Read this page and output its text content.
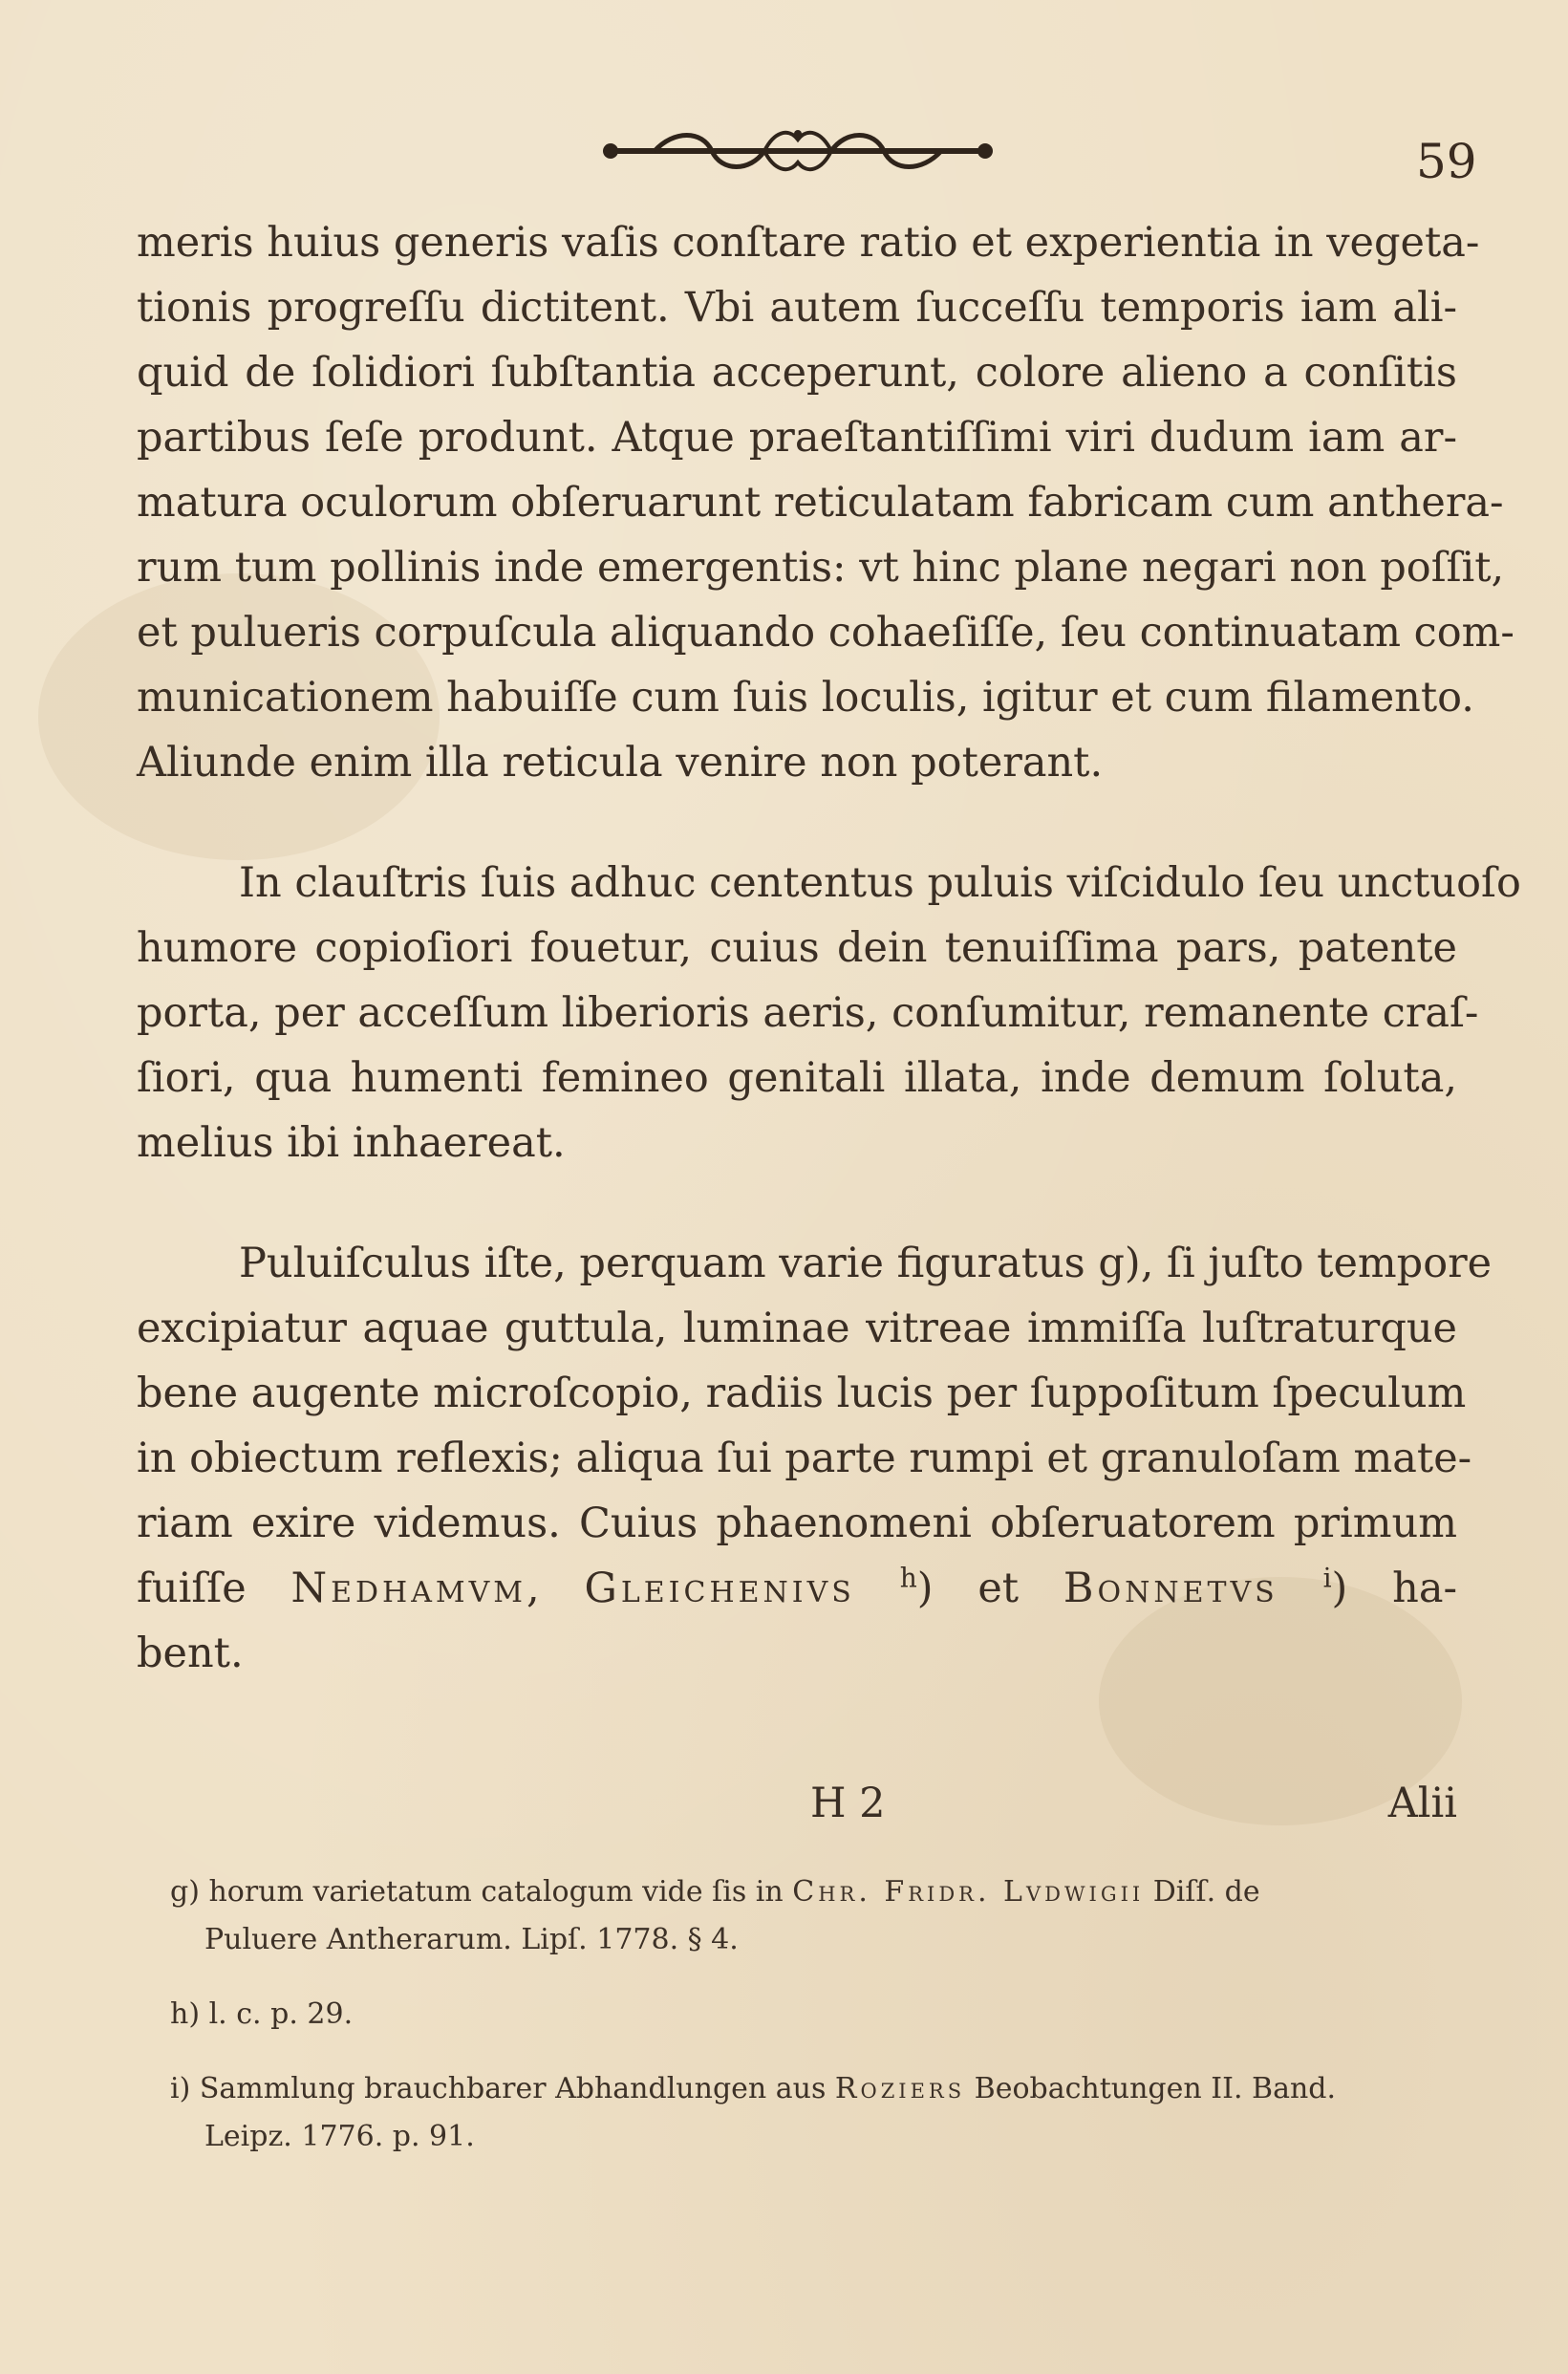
59
meris huius generis vaſis conſtare ratio et experientia in vegeta-
tionis progreſſu dictitent. Vbi autem ſucceſſu temporis iam ali-
quid de ſolidiori ſubſtantia acceperunt, colore alieno a conſitis
partibus ſeſe produnt. Atque praeſtantiſſimi viri dudum iam ar-
matura oculorum obſeruarunt reticulatam fabricam cum anthera-
rum tum pollinis inde emergentis: vt hinc plane negari non poſſit,
et pulueris corpuſcula aliquando cohaeſiſſe, ſeu continuatam com-
municationem habuiſſe cum ſuis loculis, igitur et cum filamento.
Aliunde enim illa reticula venire non poterant.
In clauſtris ſuis adhuc cententus puluis viſcidulo ſeu unctuoſo
humore copioſiori fouetur, cuius dein tenuiſſima pars, patente
porta, per acceſſum liberioris aeris, conſumitur, remanente craſ-
ſiori, qua humenti femineo genitali illata, inde demum ſoluta,
melius ibi inhaereat.
Puluiſculus iſte, perquam varie figuratus g), ſi juſto tempore
excipiatur aquae guttula, luminae vitreae immiſſa luſtraturque
bene augente microſcopio, radiis lucis per ſuppoſitum ſpeculum
in obiectum reflexis; aliqua ſui parte rumpi et granuloſam mate-
riam exire videmus. Cuius phaenomeni obſeruatorem primum
fuiſſe Nedhamvm, Gleichenivs $^h$) et Bonnetvs $^i$) ha-
bent.
H 2	Alii
g) horum varietatum catalogum vide ſis in Chr. Fridr. Lvdwigii Diſſ. de
Puluere Antherarum. Lipſ. 1778. § 4.
h) l. c. p. 29.
i) Sammlung brauchbarer Abhandlungen aus Roziers Beobachtungen II. Band.
Leipz. 1776. p. 91.
